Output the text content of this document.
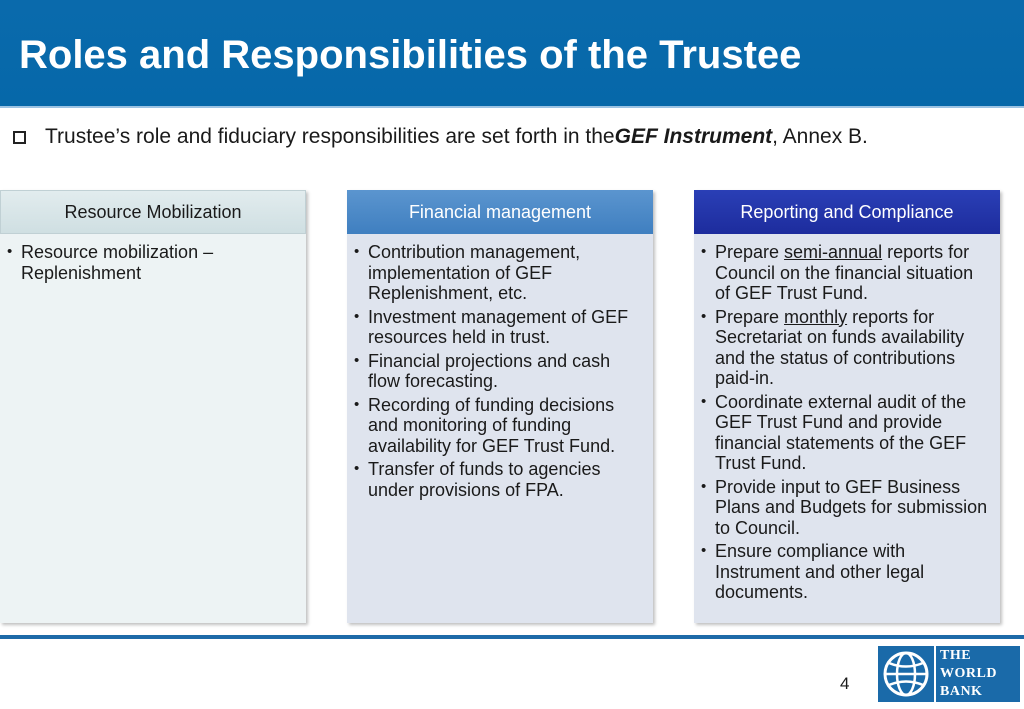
Roles and Responsibilities of the Trustee
Trustee’s role and fiduciary responsibilities are set forth in the GEF Instrument , Annex B.
Resource Mobilization
• Resource mobilization – Replenishment
Financial management
• Contribution management, implementation of GEF Replenishment, etc.
• Investment management of GEF resources held in trust.
• Financial projections and cash flow forecasting.
• Recording of funding decisions and monitoring of funding availability for GEF Trust Fund.
• Transfer of funds to agencies under provisions of FPA.
Reporting and Compliance
• Prepare semi-annual reports for Council on the financial situation of GEF Trust Fund.
• Prepare monthly reports for Secretariat on funds availability and the status of contributions paid-in.
• Coordinate external audit of the GEF Trust Fund and provide financial statements of the GEF Trust Fund.
• Provide input to GEF Business Plans and Budgets for submission to Council.
• Ensure compliance with Instrument and other legal documents.
4
THE
WORLD
BANK
